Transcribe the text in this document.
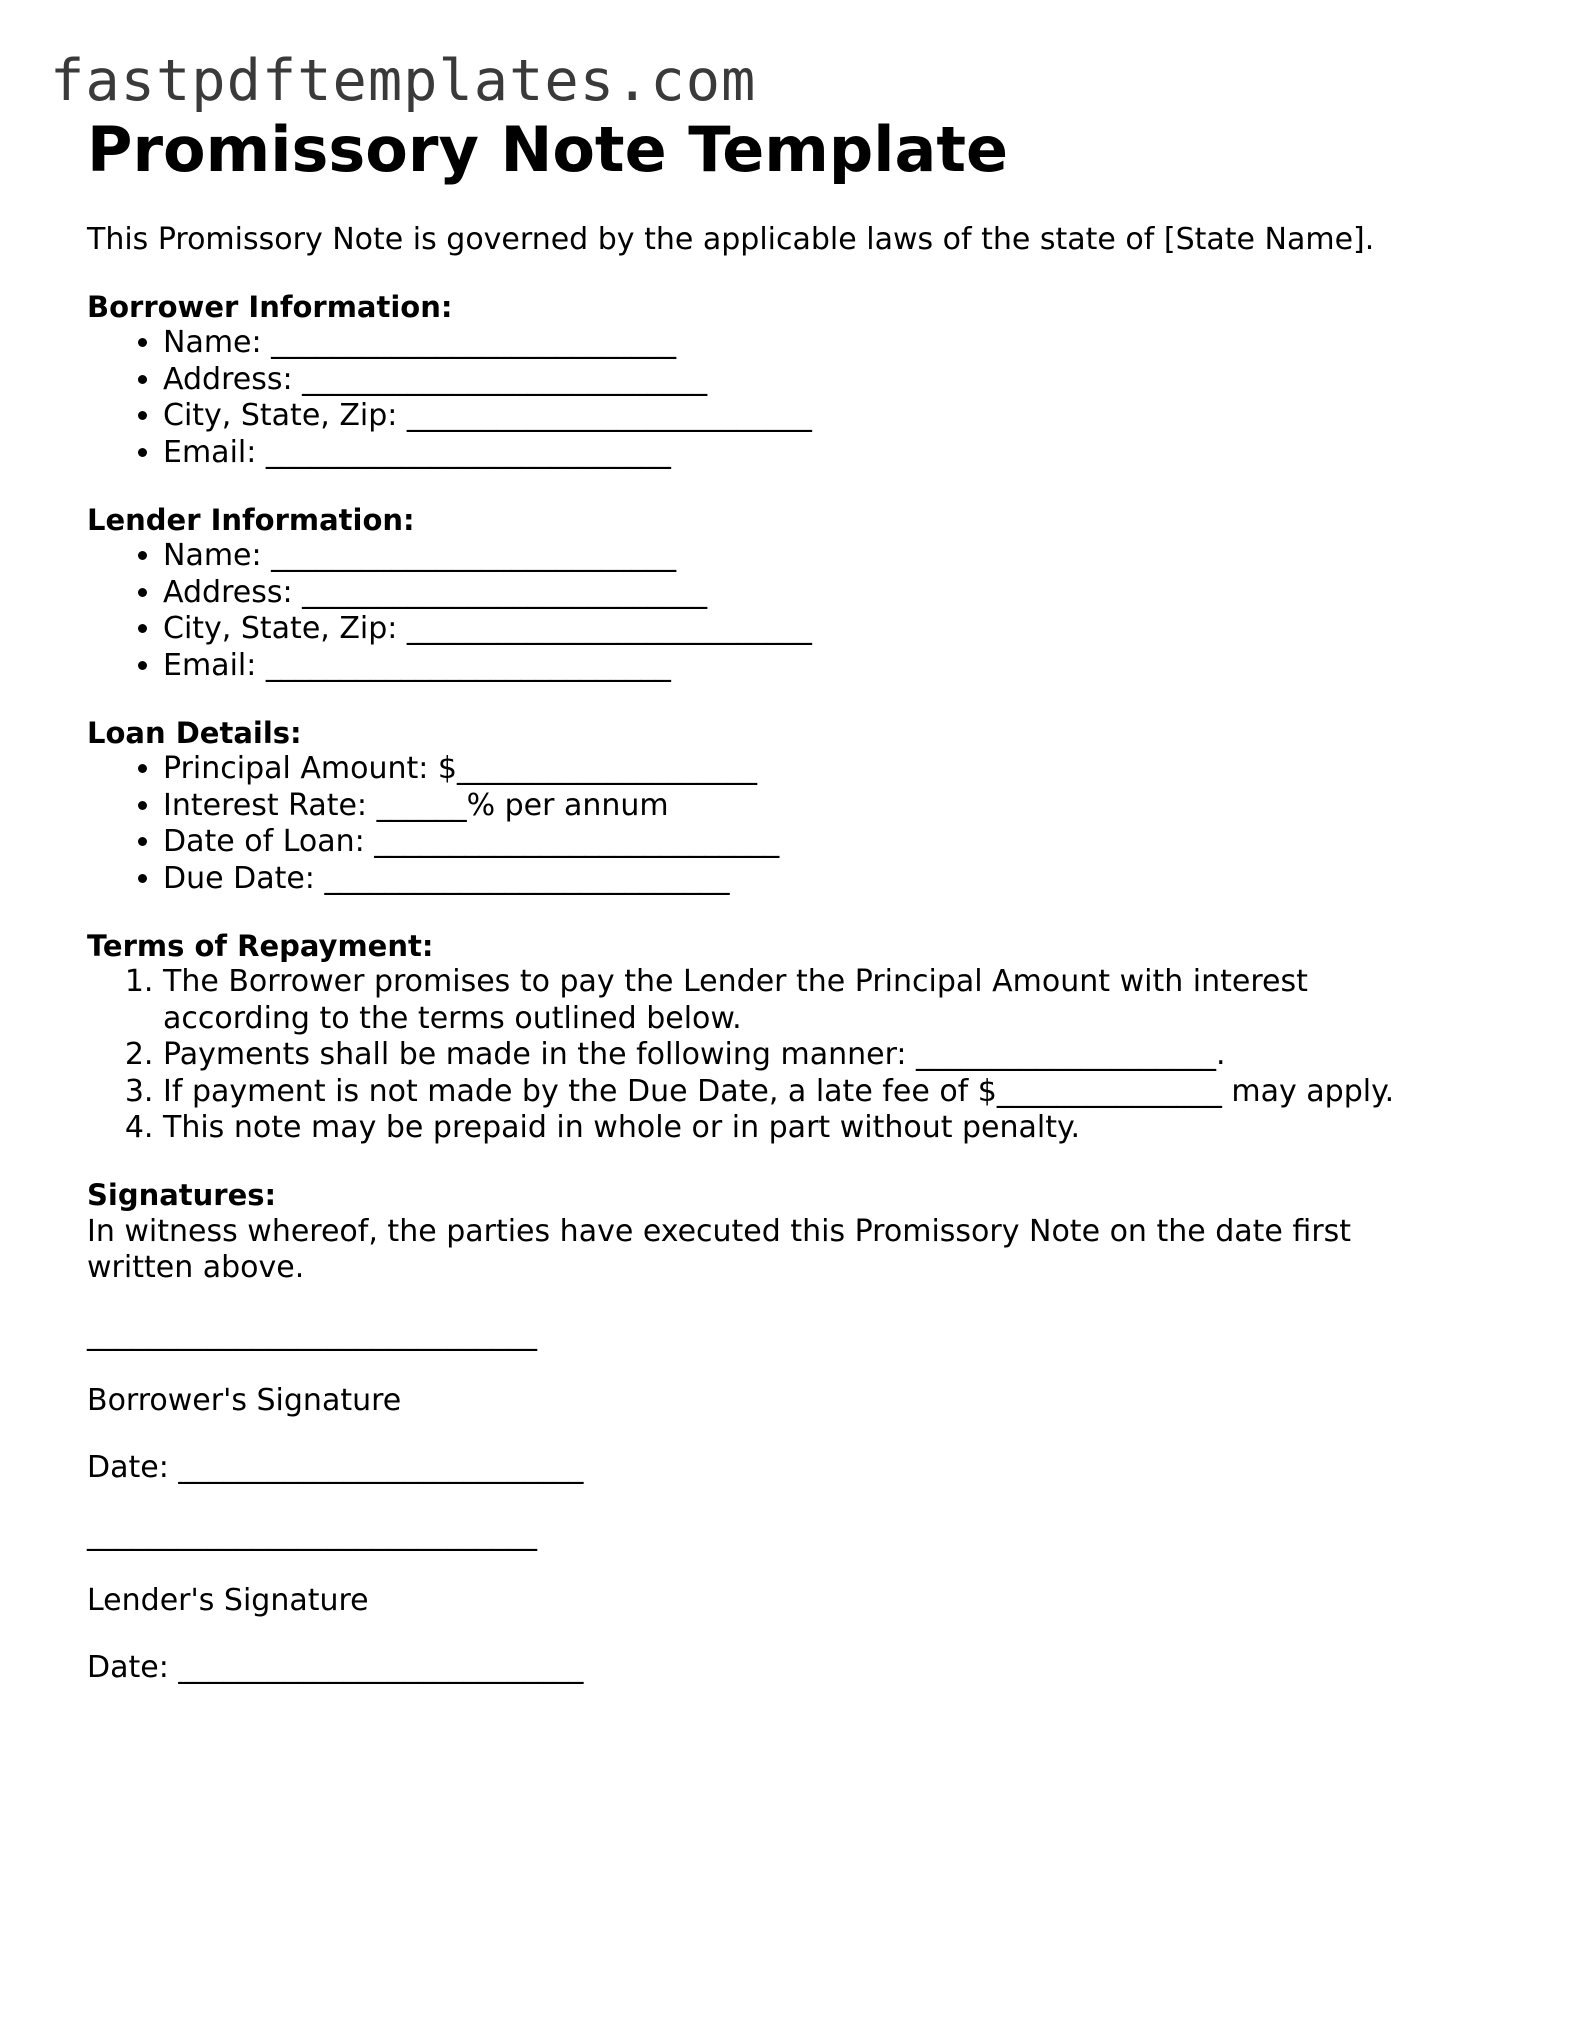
fastpdftemplates.com
Promissory Note Template

This Promissory Note is governed by the applicable laws of the state of [State Name].

Borrower Information:

• Name: ___________________________
• Address: ___________________________
• City, State, Zip: ___________________________
• Email: ___________________________

Lender Information:

• Name: ___________________________
• Address: ___________________________
• City, State, Zip: ___________________________
• Email: ___________________________

Loan Details:

• Principal Amount: $____________________
• Interest Rate: ______% per annum
• Date of Loan: ___________________________
• Due Date: ___________________________

Terms of Repayment:

1. The Borrower promises to pay the Lender the Principal Amount with interest according to the terms outlined below.
2. Payments shall be made in the following manner: ____________________.
3. If payment is not made by the Due Date, a late fee of $_______________ may apply.
4. This note may be prepaid in whole or in part without penalty.

Signatures:

In witness whereof, the parties have executed this Promissory Note on the date first written above.

______________________________

Borrower's Signature

Date: ___________________________

______________________________

Lender's Signature

Date: ___________________________
